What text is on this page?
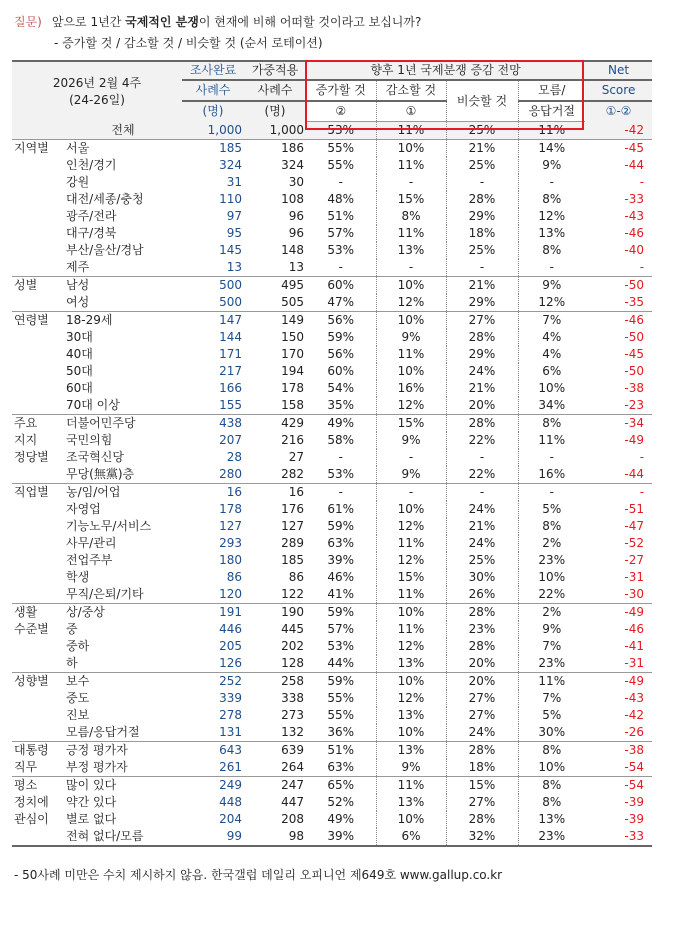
질문) 앞으로 1년간 국제적인 분쟁이 현재에 비해 어떠할 것이라고 보십니까?
- 증가할 것 / 감소할 것 / 비슷할 것 (순서 로테이션)
2026년 2월 4주
(24-26일)		조사완료	가중적용	향후 1년 국제분쟁 증감 전망				Net
		사례수	사례수	증가할 것	감소할 것	비슷할 것	모름/	Score
		(명)	(명)	②	①		응답거절	①-②
	전체	1,000	1,000	53%	11%	25%	11%	-42
지역별	서울	185	186	55%	10%	21%	14%	-45
	인천/경기	324	324	55%	11%	25%	9%	-44
	강원	31	30	-	-	-	-	-
	대전/세종/충청	110	108	48%	15%	28%	8%	-33
	광주/전라	97	96	51%	8%	29%	12%	-43
	대구/경북	95	96	57%	11%	18%	13%	-46
	부산/울산/경남	145	148	53%	13%	25%	8%	-40
	제주	13	13	-	-	-	-	-
성별	남성	500	495	60%	10%	21%	9%	-50
	여성	500	505	47%	12%	29%	12%	-35
연령별	18-29세	147	149	56%	10%	27%	7%	-46
	30대	144	150	59%	9%	28%	4%	-50
	40대	171	170	56%	11%	29%	4%	-45
	50대	217	194	60%	10%	24%	6%	-50
	60대	166	178	54%	16%	21%	10%	-38
	70대 이상	155	158	35%	12%	20%	34%	-23
주요	더불어민주당	438	429	49%	15%	28%	8%	-34
지지	국민의힘	207	216	58%	9%	22%	11%	-49
정당별	조국혁신당	28	27	-	-	-	-	-
	무당(無黨)층	280	282	53%	9%	22%	16%	-44
직업별	농/임/어업	16	16	-	-	-	-	-
	자영업	178	176	61%	10%	24%	5%	-51
	기능노무/서비스	127	127	59%	12%	21%	8%	-47
	사무/관리	293	289	63%	11%	24%	2%	-52
	전업주부	180	185	39%	12%	25%	23%	-27
	학생	86	86	46%	15%	30%	10%	-31
	무직/은퇴/기타	120	122	41%	11%	26%	22%	-30
생활	상/중상	191	190	59%	10%	28%	2%	-49
수준별	중	446	445	57%	11%	23%	9%	-46
	중하	205	202	53%	12%	28%	7%	-41
	하	126	128	44%	13%	20%	23%	-31
성향별	보수	252	258	59%	10%	20%	11%	-49
	중도	339	338	55%	12%	27%	7%	-43
	진보	278	273	55%	13%	27%	5%	-42
	모름/응답거절	131	132	36%	10%	24%	30%	-26
대통령	긍정 평가자	643	639	51%	13%	28%	8%	-38
직무	부정 평가자	261	264	63%	9%	18%	10%	-54
평소	많이 있다	249	247	65%	11%	15%	8%	-54
정치에	약간 있다	448	447	52%	13%	27%	8%	-39
관심이	별로 없다	204	208	49%	10%	28%	13%	-39
	전혀 없다/모름	99	98	39%	6%	32%	23%	-33
- 50사례 미만은 수치 제시하지 않음. 한국갤럽 데일리 오피니언 제649호 www.gallup.co.kr
